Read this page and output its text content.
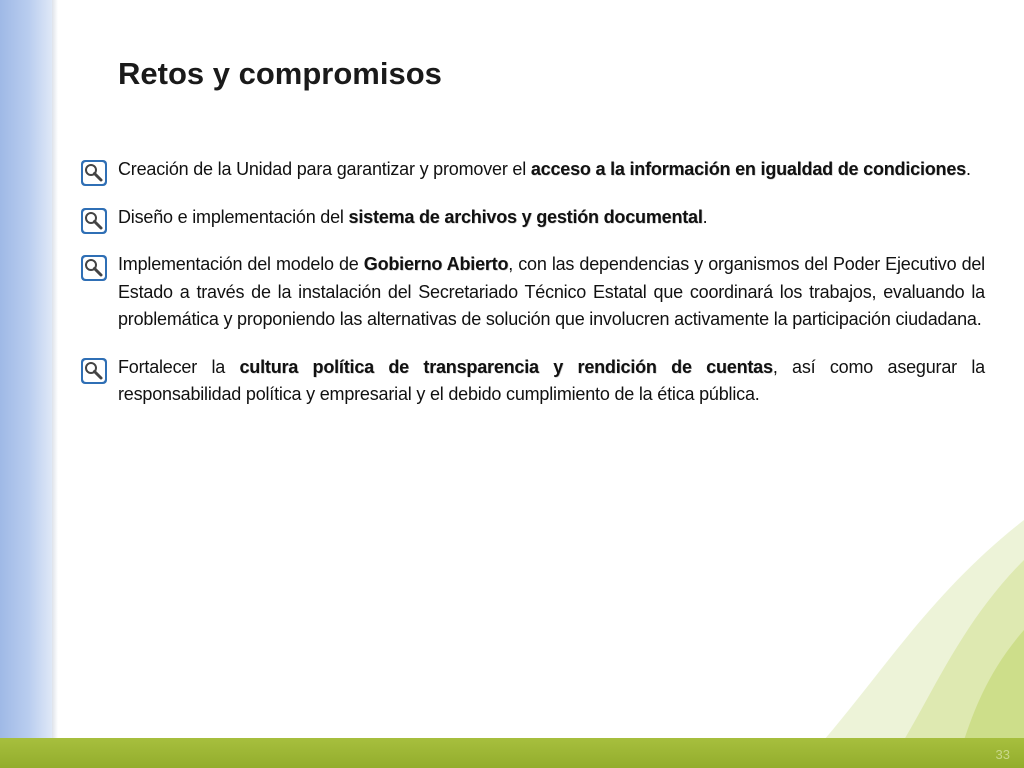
Retos y compromisos
Creación de la Unidad para garantizar y promover el acceso a la información en igualdad de condiciones.
Diseño e implementación del sistema de archivos y gestión documental.
Implementación del modelo de Gobierno Abierto, con las dependencias y organismos del Poder Ejecutivo del Estado a través de la instalación del Secretariado Técnico Estatal que coordinará los trabajos, evaluando la problemática y proponiendo las alternativas de solución que involucren activamente la participación ciudadana.
Fortalecer la cultura política de transparencia y rendición de cuentas, así como asegurar la responsabilidad política y empresarial y el debido cumplimiento de la ética pública.
33
